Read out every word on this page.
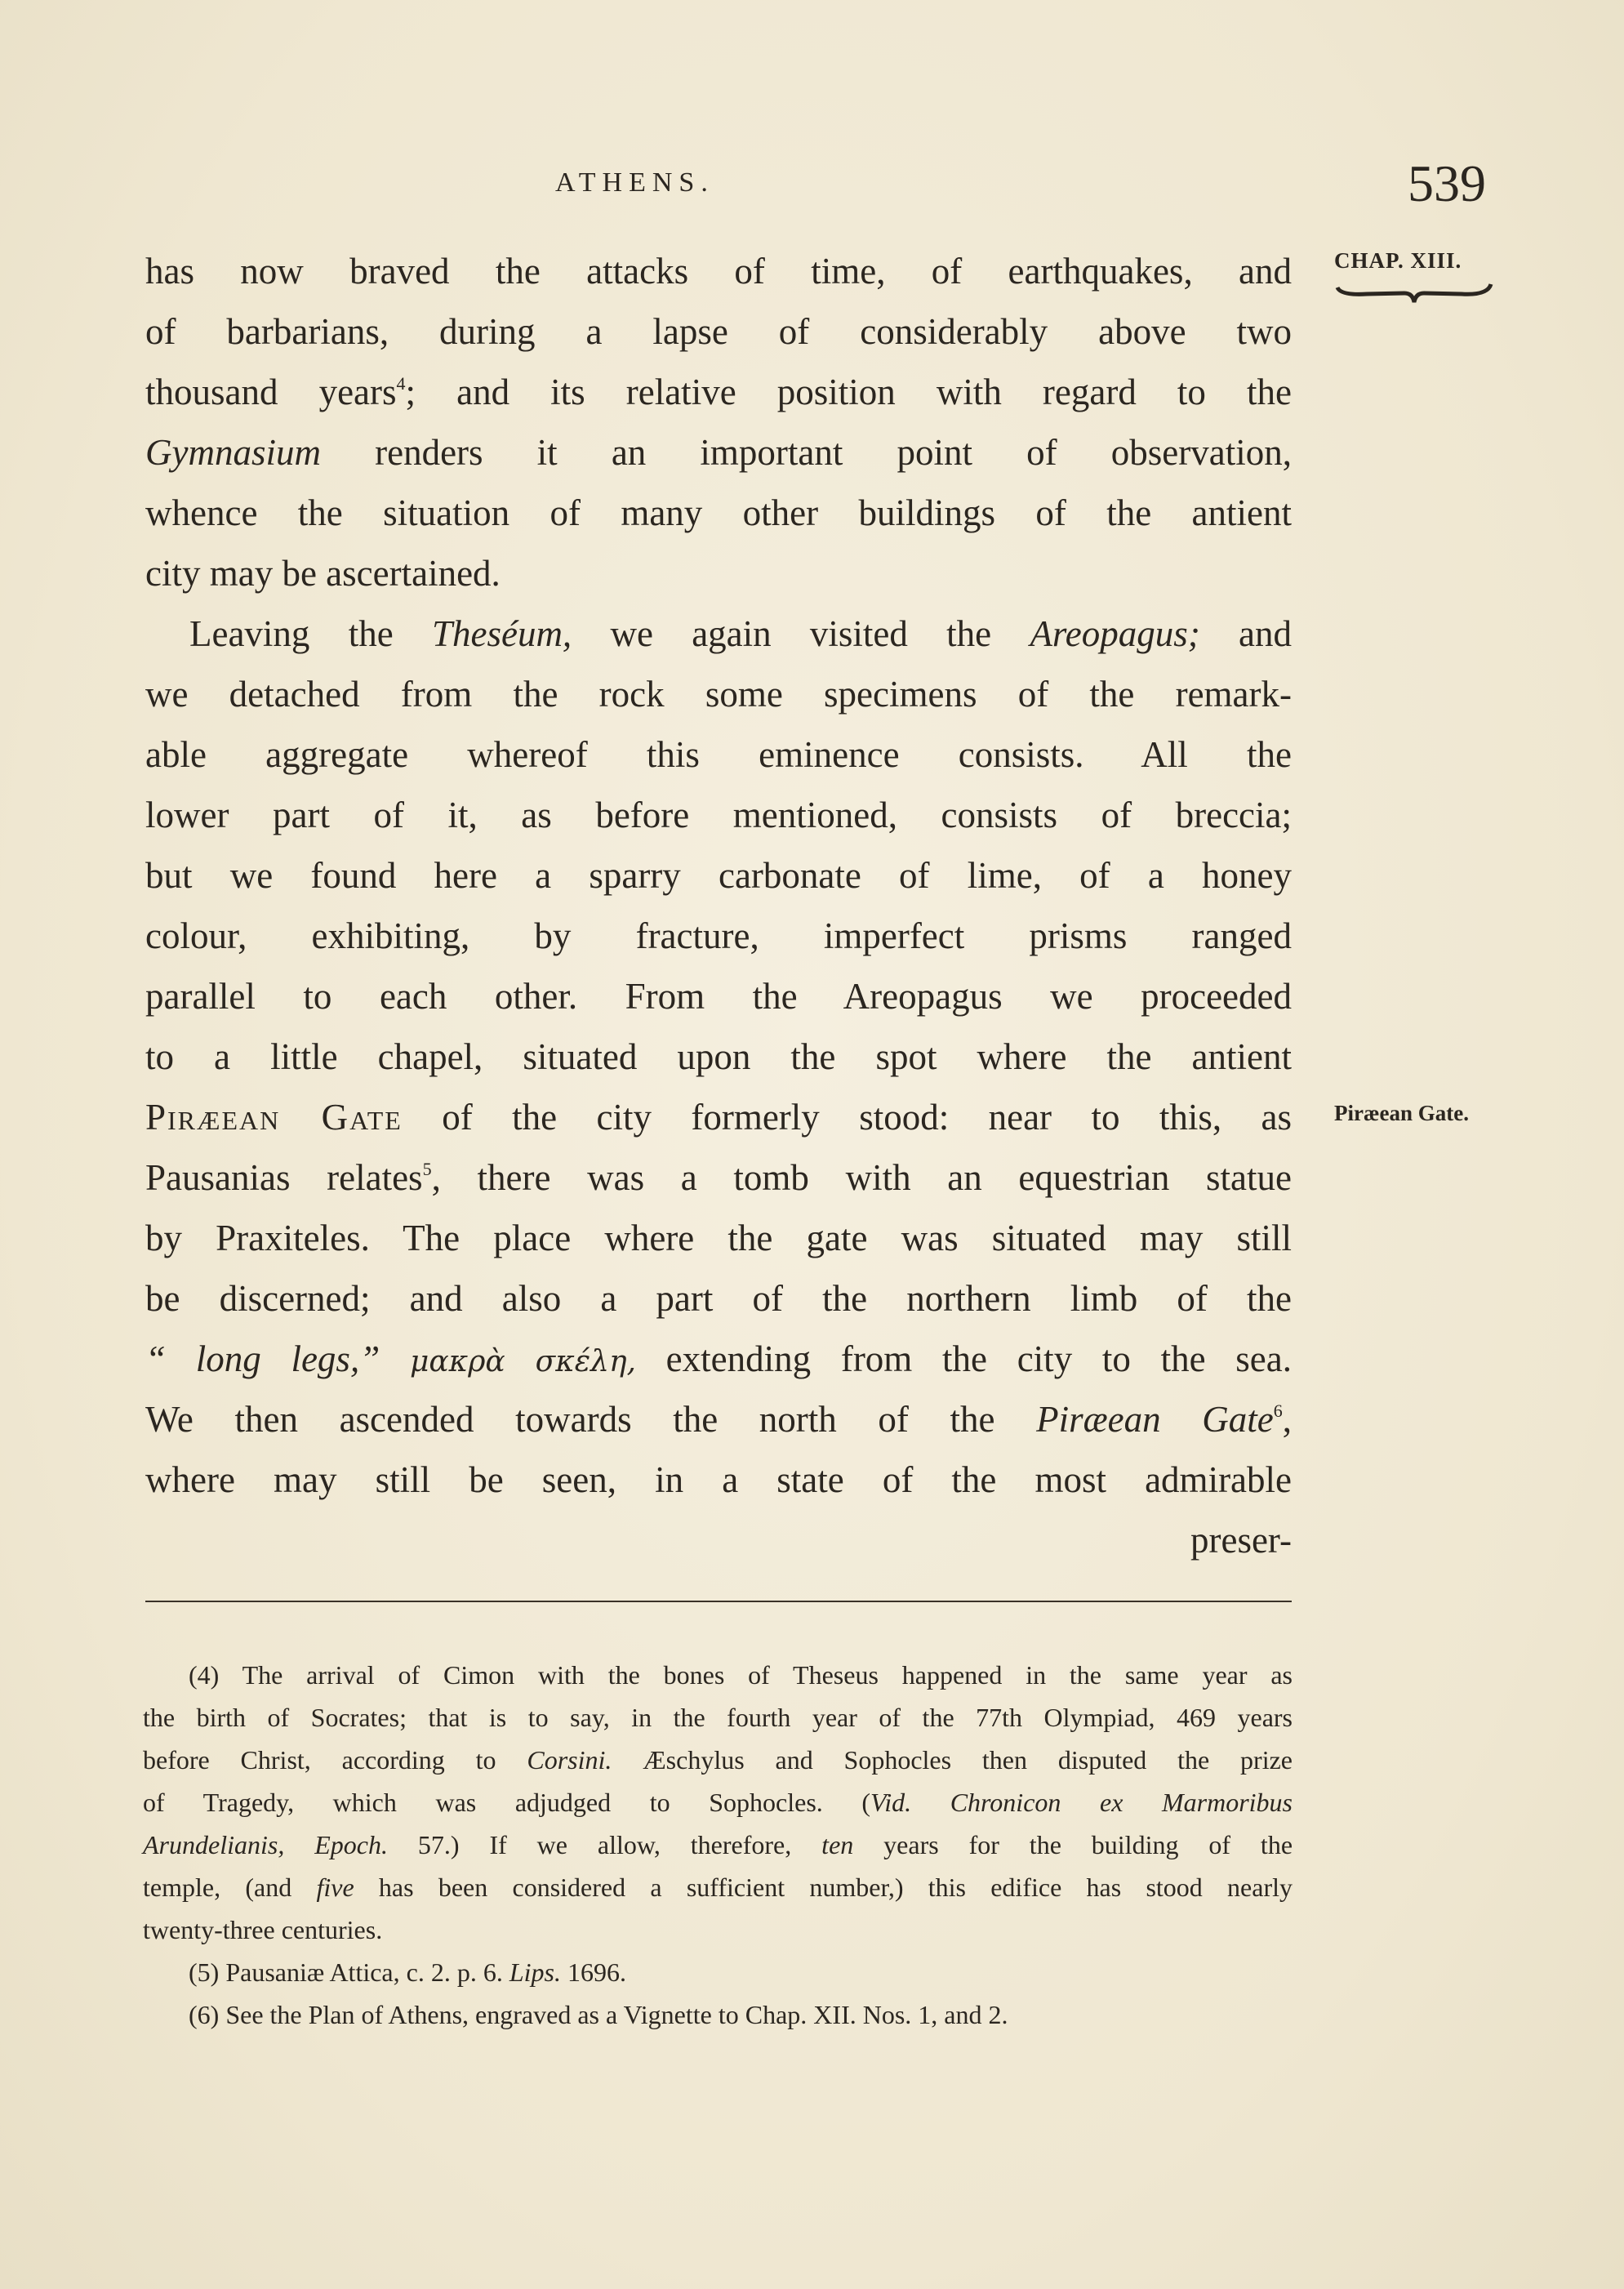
ATHENS.	539
CHAP. XIII.
Piræean Gate.
has now braved the attacks of time, of earthquakes, and
of barbarians, during a lapse of considerably above two
thousand years$^4$; and its relative position with regard to the
Gymnasium renders it an important point of observation,
whence the situation of many other buildings of the antient
city may be ascertained.
Leaving the Theséum, we again visited the Areopagus; and
we detached from the rock some specimens of the remark-
able aggregate whereof this eminence consists. All the
lower part of it, as before mentioned, consists of breccia;
but we found here a sparry carbonate of lime, of a honey
colour, exhibiting, by fracture, imperfect prisms ranged
parallel to each other. From the Areopagus we proceeded
to a little chapel, situated upon the spot where the antient
Piræean Gate of the city formerly stood: near to this, as
Pausanias relates$^5$, there was a tomb with an equestrian statue
by Praxiteles. The place where the gate was situated may still
be discerned; and also a part of the northern limb of the
“ long legs,” μακρὰ σκέλη, extending from the city to the sea.
We then ascended towards the north of the Piræean Gate$^6$,
where may still be seen, in a state of the most admirable
preser-
(4) The arrival of Cimon with the bones of Theseus happened in the same year as
the birth of Socrates; that is to say, in the fourth year of the 77th Olympiad, 469 years
before Christ, according to Corsini. Æschylus and Sophocles then disputed the prize
of Tragedy, which was adjudged to Sophocles. (Vid. Chronicon ex Marmoribus
Arundelianis, Epoch. 57.) If we allow, therefore, ten years for the building of the
temple, (and five has been considered a sufficient number,) this edifice has stood nearly
twenty-three centuries.
(5) Pausaniæ Attica, c. 2. p. 6. Lips. 1696.
(6) See the Plan of Athens, engraved as a Vignette to Chap. XII. Nos. 1, and 2.
